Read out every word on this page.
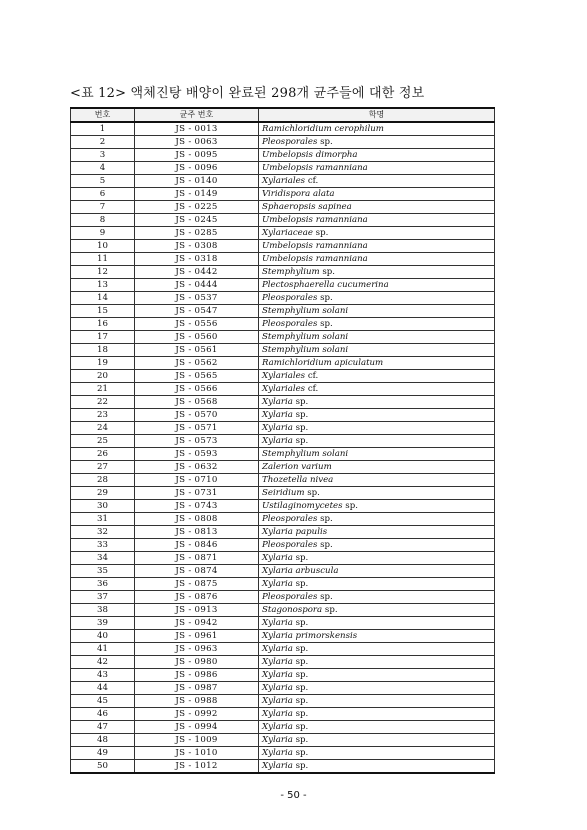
<표 12> 액체진탕 배양이 완료된 298개 균주들에 대한 정보
번호	균주 번호	학명
1	JS - 0013	Ramichloridium cerophilum
2	JS - 0063	Pleosporales sp.
3	JS - 0095	Umbelopsis dimorpha
4	JS - 0096	Umbelopsis ramanniana
5	JS - 0140	Xylariales cf.
6	JS - 0149	Viridispora alata
7	JS - 0225	Sphaeropsis sapinea
8	JS - 0245	Umbelopsis ramanniana
9	JS - 0285	Xylariaceae sp.
10	JS - 0308	Umbelopsis ramanniana
11	JS - 0318	Umbelopsis ramanniana
12	JS - 0442	Stemphylium sp.
13	JS - 0444	Plectosphaerella cucumerina
14	JS - 0537	Pleosporales sp.
15	JS - 0547	Stemphylium solani
16	JS - 0556	Pleosporales sp.
17	JS - 0560	Stemphylium solani
18	JS - 0561	Stemphylium solani
19	JS - 0562	Ramichloridium apiculatum
20	JS - 0565	Xylariales cf.
21	JS - 0566	Xylariales cf.
22	JS - 0568	Xylaria sp.
23	JS - 0570	Xylaria sp.
24	JS - 0571	Xylaria sp.
25	JS - 0573	Xylaria sp.
26	JS - 0593	Stemphylium solani
27	JS - 0632	Zalerion varium
28	JS - 0710	Thozetella nivea
29	JS - 0731	Seiridium sp.
30	JS - 0743	Ustilaginomycetes sp.
31	JS - 0808	Pleosporales sp.
32	JS - 0813	Xylaria papulis
33	JS - 0846	Pleosporales sp.
34	JS - 0871	Xylaria sp.
35	JS - 0874	Xylaria arbuscula
36	JS - 0875	Xylaria sp.
37	JS - 0876	Pleosporales sp.
38	JS - 0913	Stagonospora sp.
39	JS - 0942	Xylaria sp.
40	JS - 0961	Xylaria primorskensis
41	JS - 0963	Xylaria sp.
42	JS - 0980	Xylaria sp.
43	JS - 0986	Xylaria sp.
44	JS - 0987	Xylaria sp.
45	JS - 0988	Xylaria sp.
46	JS - 0992	Xylaria sp.
47	JS - 0994	Xylaria sp.
48	JS - 1009	Xylaria sp.
49	JS - 1010	Xylaria sp.
50	JS - 1012	Xylaria sp.
- 50 -
